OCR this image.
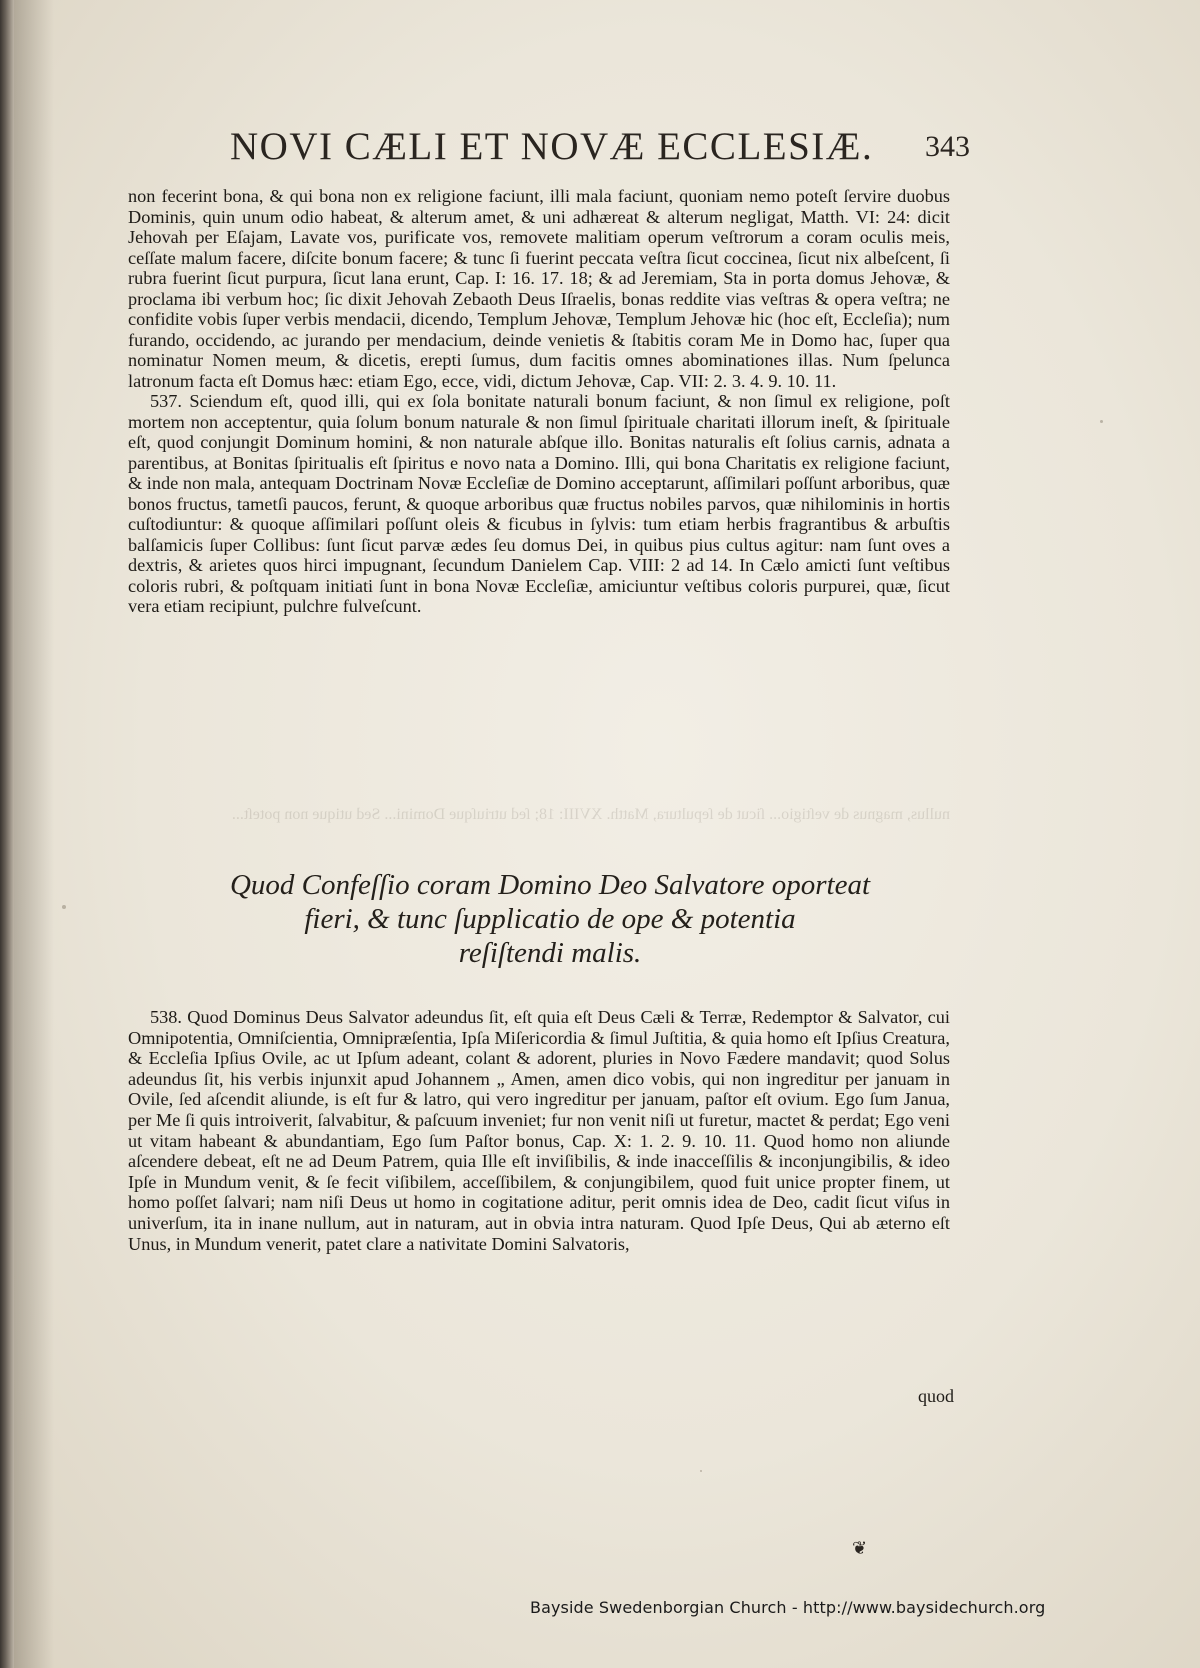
NOVI CÆLI ET NOVÆ ECCLESIÆ. 343

non fecerint bona, & qui bona non ex religione faciunt, illi mala faciunt, quoniam nemo poteſt ſervire duobus Dominis, quin unum odio habeat, & alterum amet, & uni adhæreat & alterum negligat, Matth. VI: 24: dicit Jehovah per Eſajam, Lavate vos, purificate vos, removete malitiam operum veſtrorum a coram oculis meis, ceſſate malum facere, diſcite bonum facere; & tunc ſi fuerint peccata veſtra ſicut coccinea, ſicut nix albeſcent, ſi rubra fuerint ſicut purpura, ſicut lana erunt, Cap. I: 16. 17. 18; & ad Jeremiam, Sta in porta domus Jehovæ, & proclama ibi verbum hoc; ſic dixit Jehovah Zebaoth Deus Iſraelis, bonas reddite vias veſtras & opera veſtra; ne confidite vobis ſuper verbis mendacii, dicendo, Templum Jehovæ, Templum Jehovæ hic (hoc eſt, Eccleſia); num furando, occidendo, ac jurando per mendacium, deinde venietis & ſtabitis coram Me in Domo hac, ſuper qua nominatur Nomen meum, & dicetis, erepti ſumus, dum facitis omnes abominationes illas. Num ſpelunca latronum facta eſt Domus hæc: etiam Ego, ecce, vidi, dictum Jehovæ, Cap. VII: 2. 3. 4. 9. 10. 11.

537. Sciendum eſt, quod illi, qui ex ſola bonitate naturali bonum faciunt, & non ſimul ex religione, poſt mortem non acceptentur, quia ſolum bonum naturale & non ſimul ſpirituale charitati illorum ineſt, & ſpirituale eſt, quod conjungit Dominum homini, & non naturale abſque illo. Bonitas naturalis eſt ſolius carnis, adnata a parentibus, at Bonitas ſpiritualis eſt ſpiritus e novo nata a Domino. Illi, qui bona Charitatis ex religione faciunt, & inde non mala, antequam Doctrinam Novæ Eccleſiæ de Domino acceptarunt, aſſimilari poſſunt arboribus, quæ bonos fructus, tametſi paucos, ferunt, & quoque arboribus quæ fructus nobiles parvos, quæ nihilominis in hortis cuſtodiuntur: & quoque aſſimilari poſſunt oleis & ficubus in ſylvis: tum etiam herbis fragrantibus & arbuſtis balſamicis ſuper Collibus: ſunt ſicut parvæ ædes ſeu domus Dei, in quibus pius cultus agitur: nam ſunt oves a dextris, & arietes quos hirci impugnant, ſecundum Danielem Cap. VIII: 2 ad 14. In Cælo amicti ſunt veſtibus coloris rubri, & poſtquam initiati ſunt in bona Novæ Eccleſiæ, amiciuntur veſtibus coloris purpurei, quæ, ſicut vera etiam recipiunt, pulchre fulveſcunt.

nullus, magnus de veſtigio... ſicut de ſepultura, Matth. XVIII: 18; ſed utriuſque Domini... Sed utique non poteſt...
Quod Confeſſio coram Domino Deo Salvatore oporteat
fieri, & tunc ſupplicatio de ope & potentia
reſiſtendi malis.

538. Quod Dominus Deus Salvator adeundus ſit, eſt quia eſt Deus Cæli & Terræ, Redemptor & Salvator, cui Omnipotentia, Omniſcientia, Omnipræſentia, Ipſa Miſericordia & ſimul Juſtitia, & quia homo eſt Ipſius Creatura, & Eccleſia Ipſius Ovile, ac ut Ipſum adeant, colant & adorent, pluries in Novo Fædere mandavit; quod Solus adeundus ſit, his verbis injunxit apud Johannem „ Amen, amen dico vobis, qui non ingreditur per januam in Ovile, ſed aſcendit aliunde, is eſt fur & latro, qui vero ingreditur per januam, paſtor eſt ovium. Ego ſum Janua, per Me ſi quis introiverit, ſalvabitur, & paſcuum inveniet; fur non venit niſi ut furetur, mactet & perdat; Ego veni ut vitam habeant & abundantiam, Ego ſum Paſtor bonus, Cap. X: 1. 2. 9. 10. 11. Quod homo non aliunde aſcendere debeat, eſt ne ad Deum Patrem, quia Ille eſt inviſibilis, & inde inacceſſilis & inconjungibilis, & ideo Ipſe in Mundum venit, & ſe fecit viſibilem, acceſſibilem, & conjungibilem, quod fuit unice propter finem, ut homo poſſet ſalvari; nam niſi Deus ut homo in cogitatione aditur, perit omnis idea de Deo, cadit ſicut viſus in univerſum, ita in inane nullum, aut in naturam, aut in obvia intra naturam. Quod Ipſe Deus, Qui ab æterno eſt Unus, in Mundum venerit, patet clare a nativitate Domini Salvatoris,

quod
❦
Bayside Swedenborgian Church - http://www.baysidechurch.org
